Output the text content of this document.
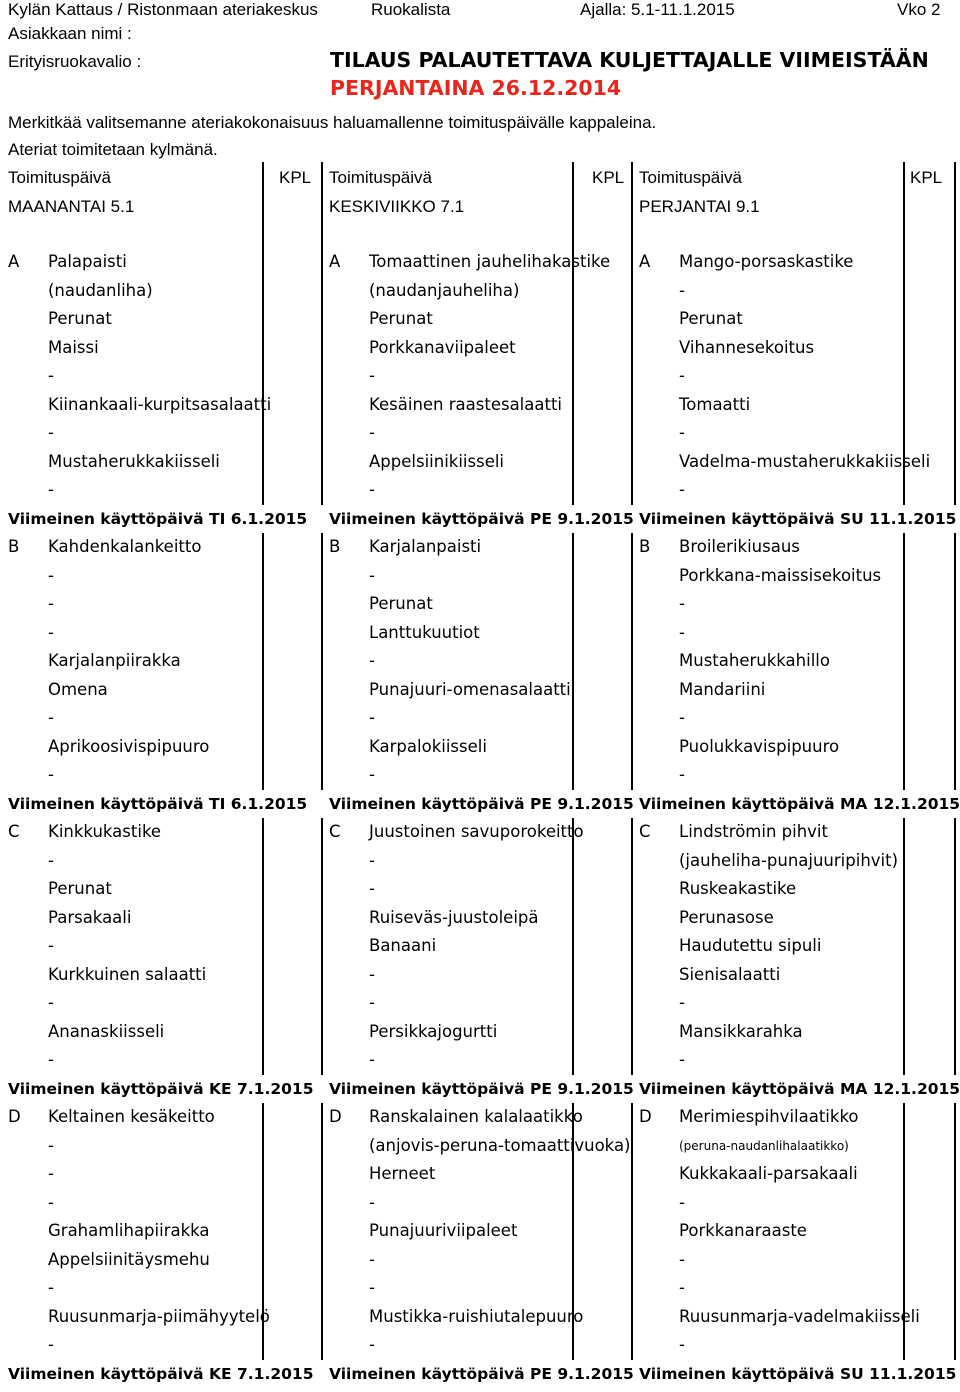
Kylän Kattaus / Ristonmaan ateriakeskus	Ruokalista	Ajalla: 5.1-11.1.2015	Vko 2
Asiakkaan nimi :
Erityisruokavalio :	TILAUS PALAUTETTAVA KULJETTAJALLE VIIMEISTÄÄN
PERJANTAINA 26.12.2014
Merkitkää valitsemanne ateriakokonaisuus haluamallenne toimituspäivälle kappaleina.
Ateriat toimitetaan kylmänä.
Toimituspäivä	KPL
MAANANTAI 5.1
Toimituspäivä	KPL
KESKIVIIKKO 7.1
Toimituspäivä	KPL
PERJANTAI 9.1
A Palapaisti
(naudanliha)
Perunat
Maissi
-
Kiinankaali-kurpitsasalaatti
-
Mustaherukkakiisseli
-
Viimeinen käyttöpäivä TI 6.1.2015
A Tomaattinen jauhelihakastike
(naudanjauheliha)
Perunat
Porkkanaviipaleet
-
Kesäinen raastesalaatti
-
Appelsiinikiisseli
-
Viimeinen käyttöpäivä PE 9.1.2015
A Mango-porsaskastike
-
Perunat
Vihannesekoitus
-
Tomaatti
-
Vadelma-mustaherukkakiisseli
-
Viimeinen käyttöpäivä SU 11.1.2015
B Kahdenkalankeitto
-
-
-
Karjalanpiirakka
Omena
-
Aprikoosivispipuuro
-
Viimeinen käyttöpäivä TI 6.1.2015
B Karjalanpaisti
-
Perunat
Lanttukuutiot
-
Punajuuri-omenasalaatti
-
Karpalokiisseli
-
Viimeinen käyttöpäivä PE 9.1.2015
B Broilerikiusaus
Porkkana-maissisekoitus
-
-
Mustaherukkahillo
Mandariini
-
Puolukkavispipuuro
-
Viimeinen käyttöpäivä MA 12.1.2015
C Kinkkukastike
-
Perunat
Parsakaali
-
Kurkkuinen salaatti
-
Ananaskiisseli
-
Viimeinen käyttöpäivä KE 7.1.2015
C Juustoinen savuporokeitto
-
-
Ruiseväs-juustoleipä
Banaani
-
-
Persikkajogurtti
-
Viimeinen käyttöpäivä PE 9.1.2015
C Lindströmin pihvit
(jauheliha-punajuuripihvit)
Ruskeakastike
Perunasose
Haudutettu sipuli
Sienisalaatti
-
Mansikkarahka
-
Viimeinen käyttöpäivä MA 12.1.2015
D Keltainen kesäkeitto
-
-
-
Grahamlihapiirakka
Appelsiinitäysmehu
-
Ruusunmarja-piimähyytelö
-
Viimeinen käyttöpäivä KE 7.1.2015
D Ranskalainen kalalaatikko
(anjovis-peruna-tomaattivuoka)
Herneet
-
Punajuuriviipaleet
-
-
Mustikka-ruishiutalepuuro
-
Viimeinen käyttöpäivä PE 9.1.2015
D Merimiespihvilaatikko
(peruna-naudanlihalaatikko)
Kukkakaali-parsakaali
-
Porkkanaraaste
-
-
Ruusunmarja-vadelmakiisseli
-
Viimeinen käyttöpäivä SU 11.1.2015
